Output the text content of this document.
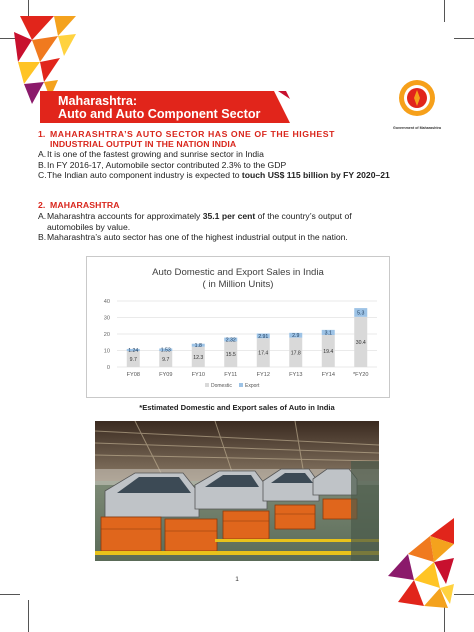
Government of Maharashtra
Maharashtra:
Auto and Auto Component Sector
1. MAHARASHTRA’S AUTO SECTOR HAS ONE OF THE HIGHEST
INDUSTRIAL OUTPUT IN THE NATION INDIA
A. It is one of the fastest growing and sunrise sector in India
B. In FY 2016-17, Automobile sector contributed 2.3% to the GDP
C. The Indian auto component industry is expected to touch US$ 115 billion by FY 2020–21
2. MAHARASHTRA
A. Maharashtra accounts for approximately 35.1 per cent of the country’s output of
automobiles by value.
B. Maharashtra’s auto sector has one of the highest industrial output in the nation.
Auto Domestic and Export Sales in India
( in Million Units)
0
10
20
30
40
9.7
1.24
FY08
9.7
1.53
FY09
12.3
1.8
FY10
15.5
2.32
FY11
17.4
2.91
FY12
17.8
2.9
FY13
19.4
3.1
FY14
30.4
5.3
*FY20
Domestic	Export
*Estimated Domestic and Export sales of Auto in India
1
